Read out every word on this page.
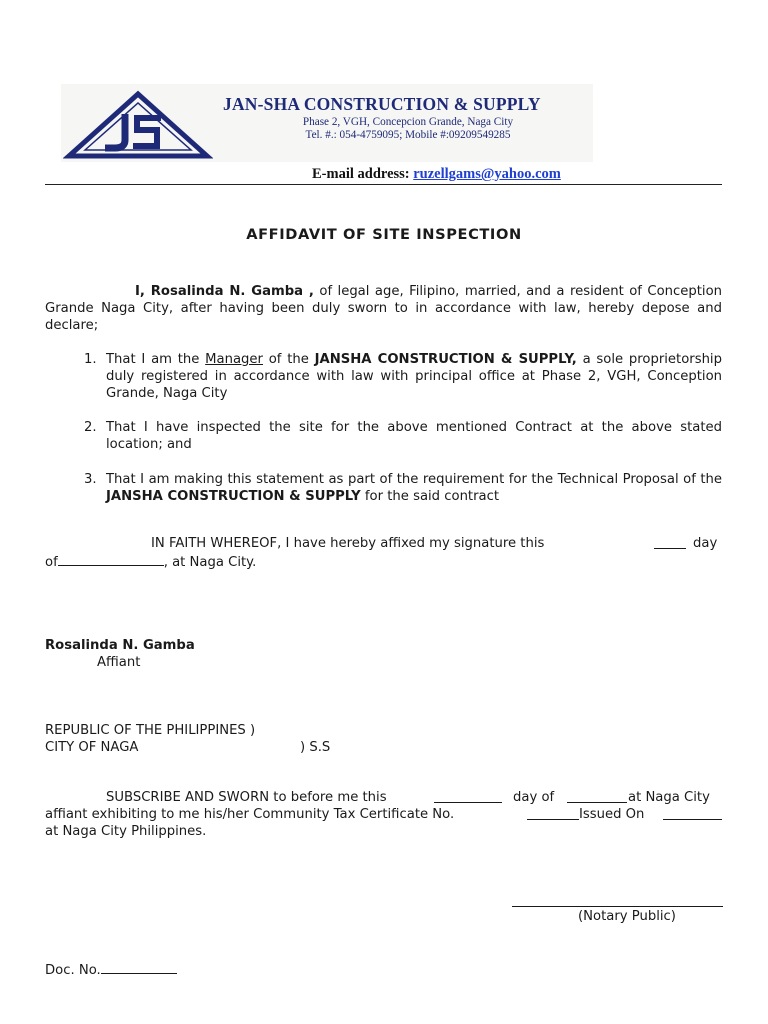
JAN-SHA CONSTRUCTION & SUPPLY
Phase 2, VGH, Concepcion Grande, Naga City
Tel. #.: 054-4759095; Mobile #:09209549285
E-mail address: ruzellgams@yahoo.com
AFFIDAVIT OF SITE INSPECTION
I, Rosalinda N. Gamba , of legal age, Filipino, married, and a resident of Conception Grande Naga City, after having been duly sworn to in accordance with law, hereby depose and declare;
1. That I am the Manager of the JANSHA CONSTRUCTION & SUPPLY, a sole proprietorship duly registered in accordance with law with principal office at Phase 2, VGH, Conception Grande, Naga City
2. That I have inspected the site for the above mentioned Contract at the above stated location; and
3. That I am making this statement as part of the requirement for the Technical Proposal of the JANSHA CONSTRUCTION & SUPPLY for the said contract
IN FAITH WHEREOF, I have hereby affixed my signature this	day
of	, at Naga City.
Rosalinda N. Gamba
Affiant
REPUBLIC OF THE PHILIPPINES )
CITY OF NAGA	) S.S
SUBSCRIBE AND SWORN to before me this	day of	at Naga City
affiant exhibiting to me his/her Community Tax Certificate No.	Issued On
at Naga City Philippines.
(Notary Public)
Doc. No.
